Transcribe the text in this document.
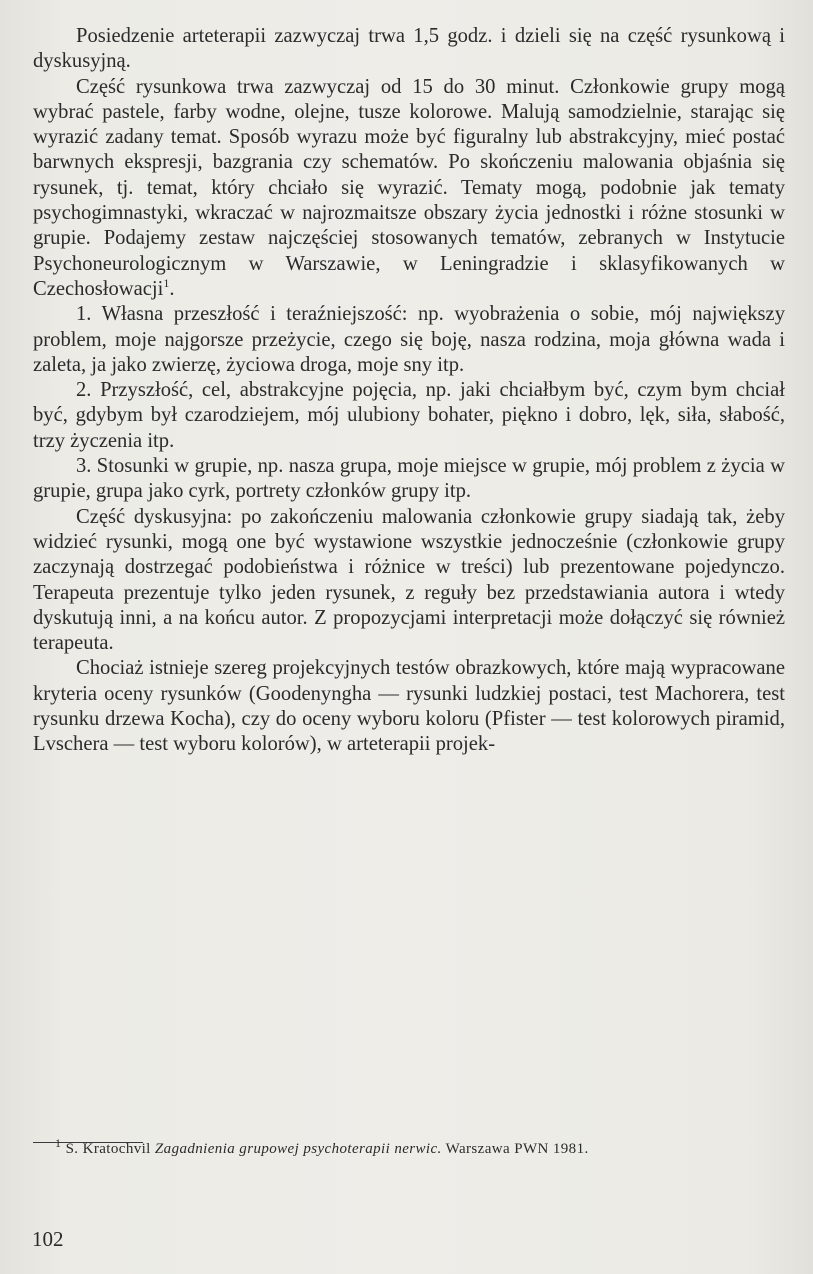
Posiedzenie arteterapii zazwyczaj trwa 1,5 godz. i dzieli się na część rysunkową i dyskusyjną.

Część rysunkowa trwa zazwyczaj od 15 do 30 minut. Członkowie grupy mogą wybrać pastele, farby wodne, olejne, tusze kolorowe. Malują samodzielnie, starając się wyrazić zadany temat. Sposób wyrazu może być figuralny lub abstrakcyjny, mieć postać barwnych ekspresji, bazgrania czy schematów. Po skończeniu malowania objaśnia się rysunek, tj. temat, który chciało się wyrazić. Tematy mogą, podobnie jak tematy psychogimnastyki, wkraczać w najrozmaitsze obszary życia jednostki i różne stosunki w grupie. Podajemy zestaw najczęściej stosowanych tematów, zebranych w Instytucie Psychoneurologicznym w Warszawie, w Leningradzie i sklasyfikowanych w Czechosłowacji$^1$.

1. Własna przeszłość i teraźniejszość: np. wyobrażenia o sobie, mój największy problem, moje najgorsze przeżycie, czego się boję, nasza rodzina, moja główna wada i zaleta, ja jako zwierzę, życiowa droga, moje sny itp.

2. Przyszłość, cel, abstrakcyjne pojęcia, np. jaki chciałbym być, czym bym chciał być, gdybym był czarodziejem, mój ulubiony bohater, piękno i dobro, lęk, siła, słabość, trzy życzenia itp.

3. Stosunki w grupie, np. nasza grupa, moje miejsce w grupie, mój problem z życia w grupie, grupa jako cyrk, portrety członków grupy itp.

Część dyskusyjna: po zakończeniu malowania członkowie grupy siadają tak, żeby widzieć rysunki, mogą one być wystawione wszystkie jednocześnie (członkowie grupy zaczynają dostrzegać podobieństwa i różnice w treści) lub prezentowane pojedynczo. Terapeuta prezentuje tylko jeden rysunek, z reguły bez przedstawiania autora i wtedy dyskutują inni, a na końcu autor. Z propozycjami interpretacji może dołączyć się również terapeuta.

Chociaż istnieje szereg projekcyjnych testów obrazkowych, które mają wypracowane kryteria oceny rysunków (Goodenyngha — rysunki ludzkiej postaci, test Machorera, test rysunku drzewa Kocha), czy do oceny wyboru koloru (Pfister — test kolorowych piramid, Lvschera — test wyboru kolorów), w arteterapii projek-

$^1$ S. Kratochvil Zagadnienia grupowej psychoterapii nerwic. Warszawa PWN 1981.
102
